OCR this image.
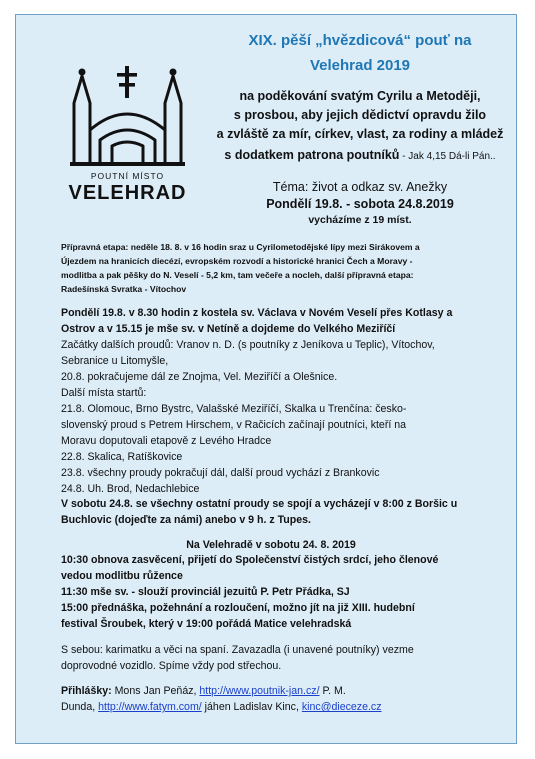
POUTNÍ MÍSTO
VELEHRAD
XIX. pěší „hvězdicová“ pouť na
Velehrad 2019
na poděkování svatým Cyrilu a Metoději,
s prosbou, aby jejich dědictví opravdu žilo
a zvláště za mír, církev, vlast, za rodiny a mládež
s dodatkem patrona poutníků - Jak 4,15 Dá-li Pán..
Téma: život a odkaz sv. Anežky
Pondělí 19.8. - sobota 24.8.2019
vycházíme z 19 míst.
Přípravná etapa: neděle 18. 8. v 16 hodin sraz u Cyrilometodějské lípy mezi Sirákovem a
Újezdem na hranicích diecézí, evropském rozvodí a historické hranici Čech a Moravy -
modlitba a pak pěšky do N. Veselí - 5,2 km, tam večeře a nocleh, další přípravná etapa:
Radešínská Svratka - Vítochov
Pondělí 19.8. v 8.30 hodin z kostela sv. Václava v Novém Veselí přes Kotlasy a
Ostrov a v 15.15 je mše sv. v Netíně a dojdeme do Velkého Meziříčí
Začátky dalších proudů: Vranov n. D. (s poutníky z Jeníkova u Teplic), Vítochov,
Sebranice u Litomyšle,
20.8. pokračujeme dál ze Znojma, Vel. Meziříčí a Olešnice.
Další místa startů:
21.8. Olomouc, Brno Bystrc, Valašské Meziříčí, Skalka u Trenčína: česko-
slovenský proud s Petrem Hirschem, v Račicích začínají poutníci, kteří na
Moravu doputovali etapově z Levého Hradce
22.8. Skalica, Ratíškovice
23.8. všechny proudy pokračují dál, další proud vychází z Brankovic
24.8. Uh. Brod, Nedachlebice
V sobotu 24.8. se všechny ostatní proudy se spojí a vycházejí v 8:00 z Boršic u
Buchlovic (dojeďte za námi) anebo v 9 h. z Tupes.
Na Velehradě v sobotu 24. 8. 2019
10:30 obnova zasvěcení, přijetí do Společenství čistých srdcí, jeho členové
vedou modlitbu růžence
11:30 mše sv. - slouží provinciál jezuitů P. Petr Přádka, SJ
15:00 přednáška, požehnání a rozloučení, možno jít na již XIII. hudební
festival Šroubek, který v 19:00 pořádá Matice velehradská
S sebou: karimatku a věci na spaní. Zavazadla (i unavené poutníky) vezme
doprovodné vozidlo. Spíme vždy pod střechou.
Přihlášky: Mons Jan Peňáz, http://www.poutnik-jan.cz/ P. M.
Dunda, http://www.fatym.com/ jáhen Ladislav Kinc, kinc@dieceze.cz
